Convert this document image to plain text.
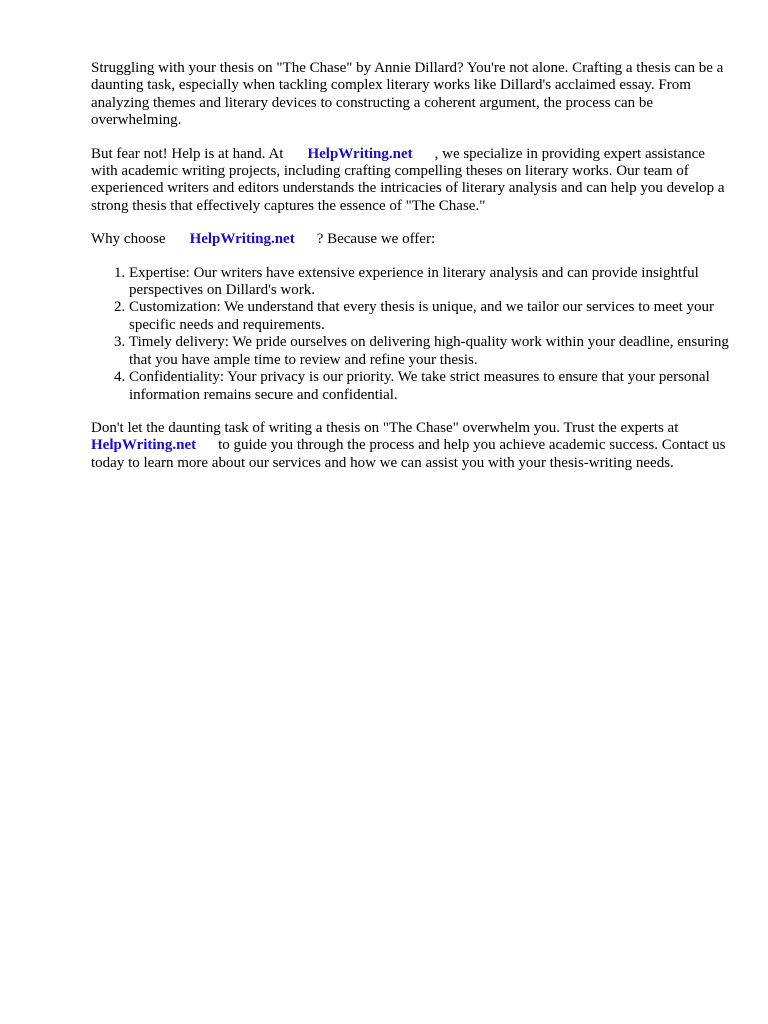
Struggling with your thesis on "The Chase" by Annie Dillard? You're not alone. Crafting a thesis can be a daunting task, especially when tackling complex literary works like Dillard's acclaimed essay. From analyzing themes and literary devices to constructing a coherent argument, the process can be overwhelming.

But fear not! Help is at hand. At HelpWriting.net , we specialize in providing expert assistance with academic writing projects, including crafting compelling theses on literary works. Our team of experienced writers and editors understands the intricacies of literary analysis and can help you develop a strong thesis that effectively captures the essence of "The Chase."

Why choose HelpWriting.net ? Because we offer:

1. Expertise: Our writers have extensive experience in literary analysis and can provide insightful perspectives on Dillard's work.
2. Customization: We understand that every thesis is unique, and we tailor our services to meet your specific needs and requirements.
3. Timely delivery: We pride ourselves on delivering high-quality work within your deadline, ensuring that you have ample time to review and refine your thesis.
4. Confidentiality: Your privacy is our priority. We take strict measures to ensure that your personal information remains secure and confidential.

Don't let the daunting task of writing a thesis on "The Chase" overwhelm you. Trust the experts at HelpWriting.net to guide you through the process and help you achieve academic success. Contact us today to learn more about our services and how we can assist you with your thesis-writing needs.
